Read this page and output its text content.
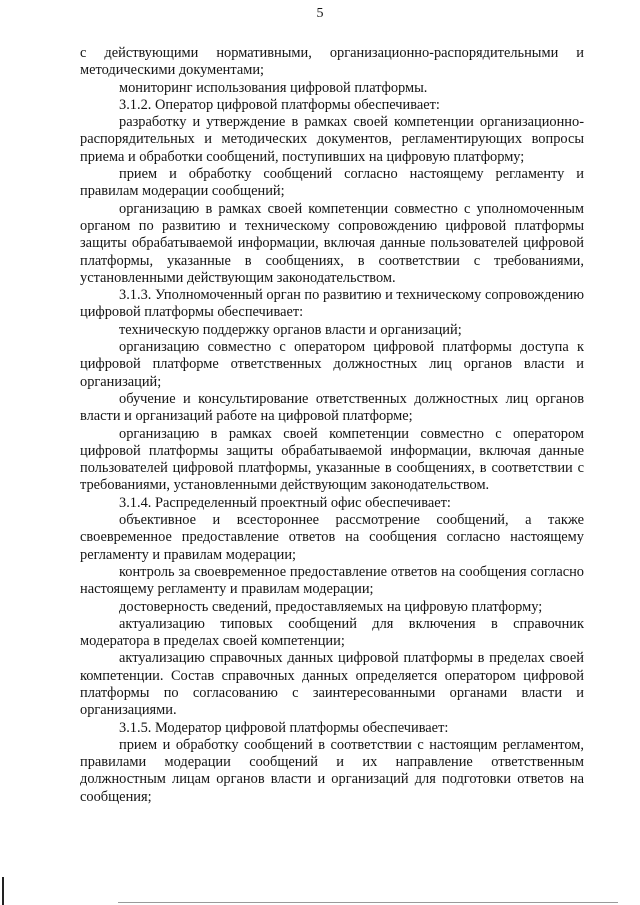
5

с действующими нормативными, организационно-распорядительными и методическими документами;

мониторинг использования цифровой платформы.

3.1.2. Оператор цифровой платформы обеспечивает:

разработку и утверждение в рамках своей компетенции организационно-распорядительных и методических документов, регламентирующих вопросы приема и обработки сообщений, поступивших на цифровую платформу;

прием и обработку сообщений согласно настоящему регламенту и правилам модерации сообщений;

организацию в рамках своей компетенции совместно с уполномоченным органом по развитию и техническому сопровождению цифровой платформы защиты обрабатываемой информации, включая данные пользователей цифровой платформы, указанные в сообщениях, в соответствии с требованиями, установленными действующим законодательством.

3.1.3. Уполномоченный орган по развитию и техническому сопровождению цифровой платформы обеспечивает:

техническую поддержку органов власти и организаций;

организацию совместно с оператором цифровой платформы доступа к цифровой платформе ответственных должностных лиц органов власти и организаций;

обучение и консультирование ответственных должностных лиц органов власти и организаций работе на цифровой платформе;

организацию в рамках своей компетенции совместно с оператором цифровой платформы защиты обрабатываемой информации, включая данные пользователей цифровой платформы, указанные в сообщениях, в соответствии с требованиями, установленными действующим законодательством.

3.1.4. Распределенный проектный офис обеспечивает:

объективное и всестороннее рассмотрение сообщений, а также своевременное предоставление ответов на сообщения согласно настоящему регламенту и правилам модерации;

контроль за своевременное предоставление ответов на сообщения согласно настоящему регламенту и правилам модерации;

достоверность сведений, предоставляемых на цифровую платформу;

актуализацию типовых сообщений для включения в справочник модератора в пределах своей компетенции;

актуализацию справочных данных цифровой платформы в пределах своей компетенции. Состав справочных данных определяется оператором цифровой платформы по согласованию с заинтересованными органами власти и организациями.

3.1.5. Модератор цифровой платформы обеспечивает:

прием и обработку сообщений в соответствии с настоящим регламентом, правилами модерации сообщений и их направление ответственным должностным лицам органов власти и организаций для подготовки ответов на сообщения;
